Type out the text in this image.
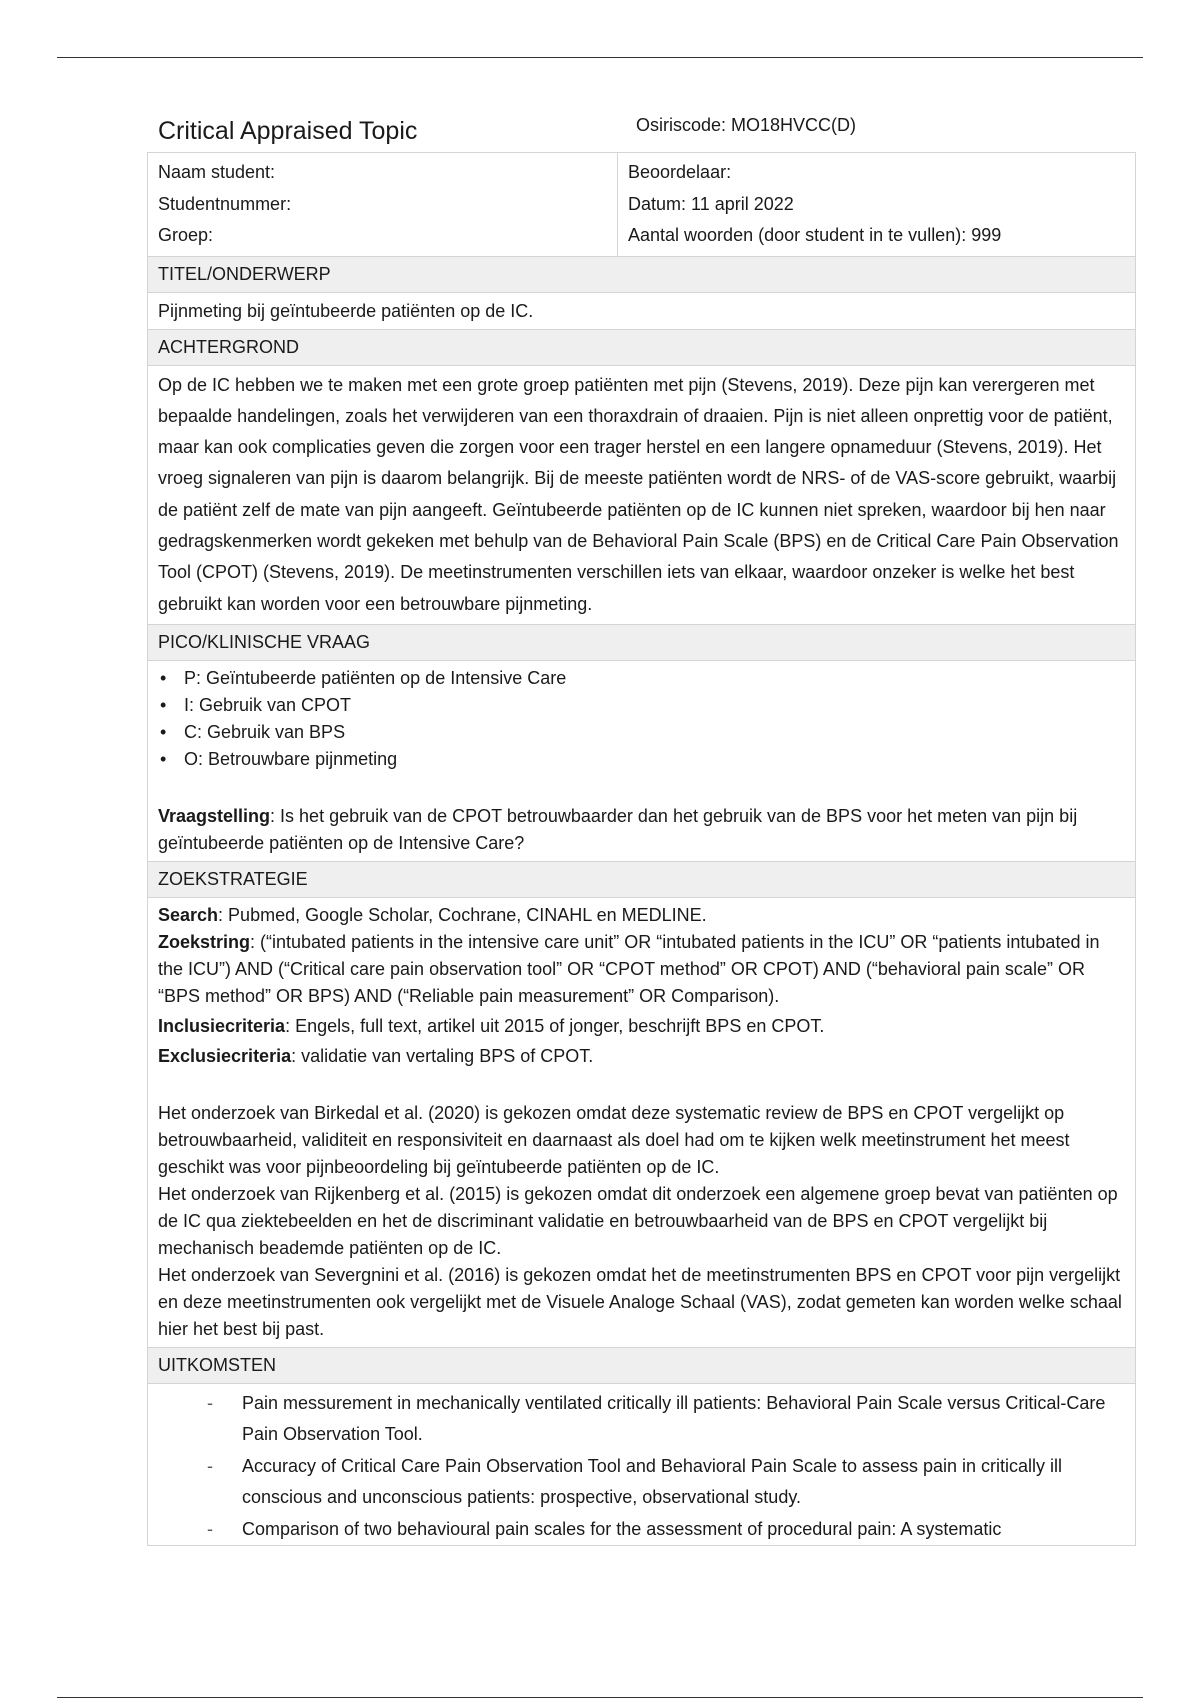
Critical Appraised Topic	Osiriscode: MO18HVCC(D)
Naam student:
Studentnummer:
Groep:

Beoordelaar:
Datum: 11 april 2022
Aantal woorden (door student in te vullen): 999

TITEL/ONDERWERP
Pijnmeting bij geïntubeerde patiënten op de IC.
ACHTERGROND
Op de IC hebben we te maken met een grote groep patiënten met pijn (Stevens, 2019). Deze pijn kan verergeren met bepaalde handelingen, zoals het verwijderen van een thoraxdrain of draaien. Pijn is niet alleen onprettig voor de patiënt, maar kan ook complicaties geven die zorgen voor een trager herstel en een langere opnameduur (Stevens, 2019). Het vroeg signaleren van pijn is daarom belangrijk. Bij de meeste patiënten wordt de NRS- of de VAS-score gebruikt, waarbij de patiënt zelf de mate van pijn aangeeft. Geïntubeerde patiënten op de IC kunnen niet spreken, waardoor bij hen naar gedragskenmerken wordt gekeken met behulp van de Behavioral Pain Scale (BPS) en de Critical Care Pain Observation Tool (CPOT) (Stevens, 2019). De meetinstrumenten verschillen iets van elkaar, waardoor onzeker is welke het best gebruikt kan worden voor een betrouwbare pijnmeting.
PICO/KLINISCHE VRAAG

• P: Geïntubeerde patiënten op de Intensive Care
• I: Gebruik van CPOT
• C: Gebruik van BPS
• O: Betrouwbare pijnmeting
Vraagstelling: Is het gebruik van de CPOT betrouwbaarder dan het gebruik van de BPS voor het meten van pijn bij geïntubeerde patiënten op de Intensive Care?

ZOEKSTRATEGIE

Search: Pubmed, Google Scholar, Cochrane, CINAHL en MEDLINE.
Zoekstring: (“intubated patients in the intensive care unit” OR “intubated patients in the ICU” OR “patients intubated in the ICU”) AND (“Critical care pain observation tool” OR “CPOT method” OR CPOT) AND (“behavioral pain scale” OR “BPS method” OR BPS) AND (“Reliable pain measurement” OR Comparison).
Inclusiecriteria: Engels, full text, artikel uit 2015 of jonger, beschrijft BPS en CPOT.
Exclusiecriteria: validatie van vertaling BPS of CPOT.
Het onderzoek van Birkedal et al. (2020) is gekozen omdat deze systematic review de BPS en CPOT vergelijkt op betrouwbaarheid, validiteit en responsiviteit en daarnaast als doel had om te kijken welk meetinstrument het meest geschikt was voor pijnbeoordeling bij geïntubeerde patiënten op de IC.
Het onderzoek van Rijkenberg et al. (2015) is gekozen omdat dit onderzoek een algemene groep bevat van patiënten op de IC qua ziektebeelden en het de discriminant validatie en betrouwbaarheid van de BPS en CPOT vergelijkt bij mechanisch beademde patiënten op de IC.
Het onderzoek van Severgnini et al. (2016) is gekozen omdat het de meetinstrumenten BPS en CPOT voor pijn vergelijkt en deze meetinstrumenten ook vergelijkt met de Visuele Analoge Schaal (VAS), zodat gemeten kan worden welke schaal hier het best bij past.

UITKOMSTEN

- Pain messurement in mechanically ventilated critically ill patients: Behavioral Pain Scale versus Critical-Care Pain Observation Tool.
- Accuracy of Critical Care Pain Observation Tool and Behavioral Pain Scale to assess pain in critically ill conscious and unconscious patients: prospective, observational study.
- Comparison of two behavioural pain scales for the assessment of procedural pain: A systematic
